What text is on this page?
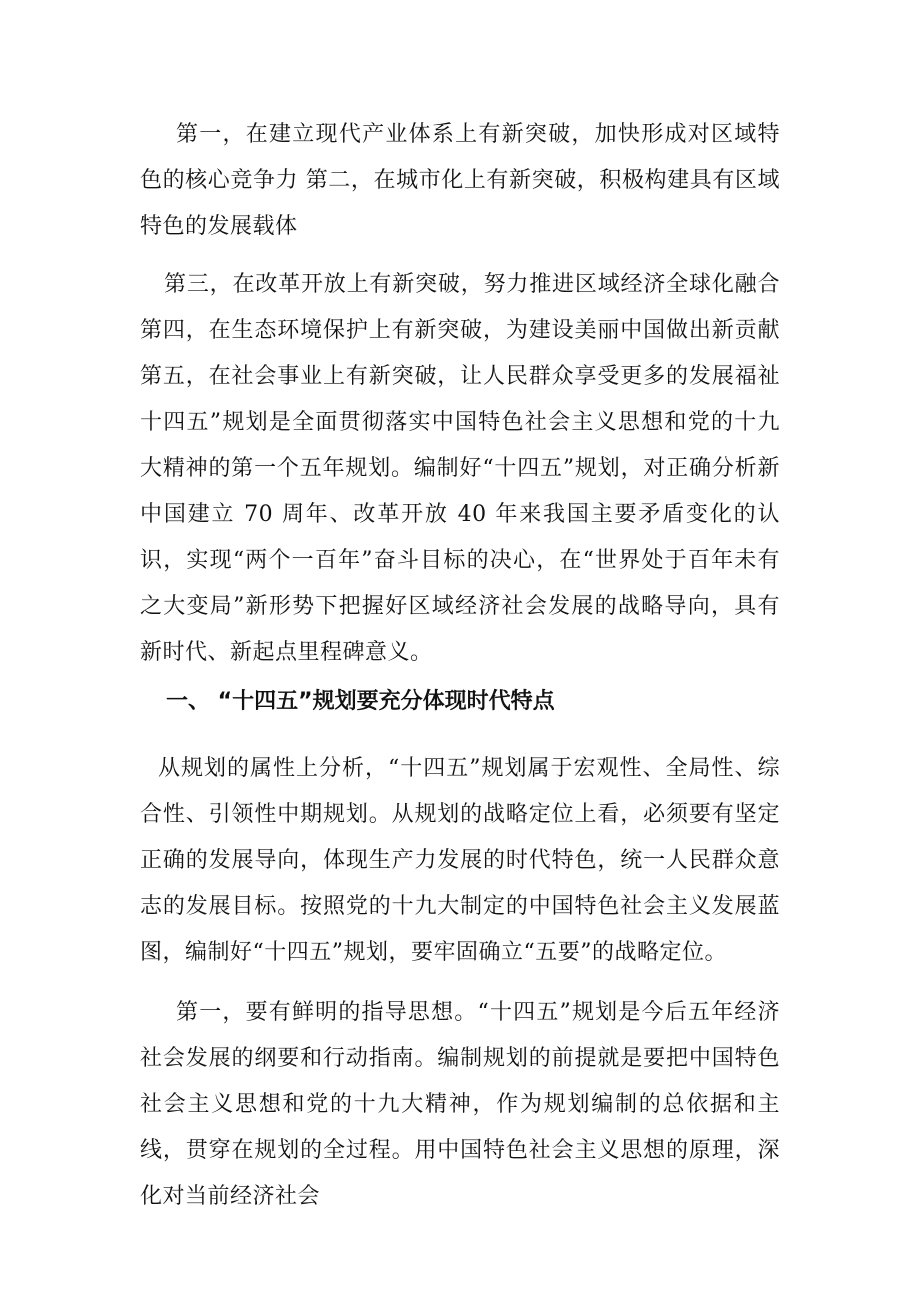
第一，在建立现代产业体系上有新突破，加快形成对区域特色的核心竞争力 第二，在城市化上有新突破，积极构建具有区域特色的发展载体

第三，在改革开放上有新突破，努力推进区域经济全球化融合 第四，在生态环境保护上有新突破，为建设美丽中国做出新贡献 第五，在社会事业上有新突破，让人民群众享受更多的发展福祉十四五”规划是全面贯彻落实中国特色社会主义思想和党的十九大精神的第一个五年规划。编制好“十四五”规划，对正确分析新中国建立 70 周年、改革开放 40 年来我国主要矛盾变化的认识，实现“两个一百年”奋斗目标的决心，在“世界处于百年未有之大变局”新形势下把握好区域经济社会发展的战略导向，具有新时代、新起点里程碑意义。

一、 “十四五”规划要充分体现时代特点

从规划的属性上分析，“十四五”规划属于宏观性、全局性、综合性、引领性中期规划。从规划的战略定位上看，必须要有坚定正确的发展导向，体现生产力发展的时代特色，统一人民群众意志的发展目标。按照党的十九大制定的中国特色社会主义发展蓝图，编制好“十四五”规划，要牢固确立“五要”的战略定位。

第一，要有鲜明的指导思想。“十四五”规划是今后五年经济社会发展的纲要和行动指南。编制规划的前提就是要把中国特色社会主义思想和党的十九大精神，作为规划编制的总依据和主线，贯穿在规划的全过程。用中国特色社会主义思想的原理，深化对当前经济社会
